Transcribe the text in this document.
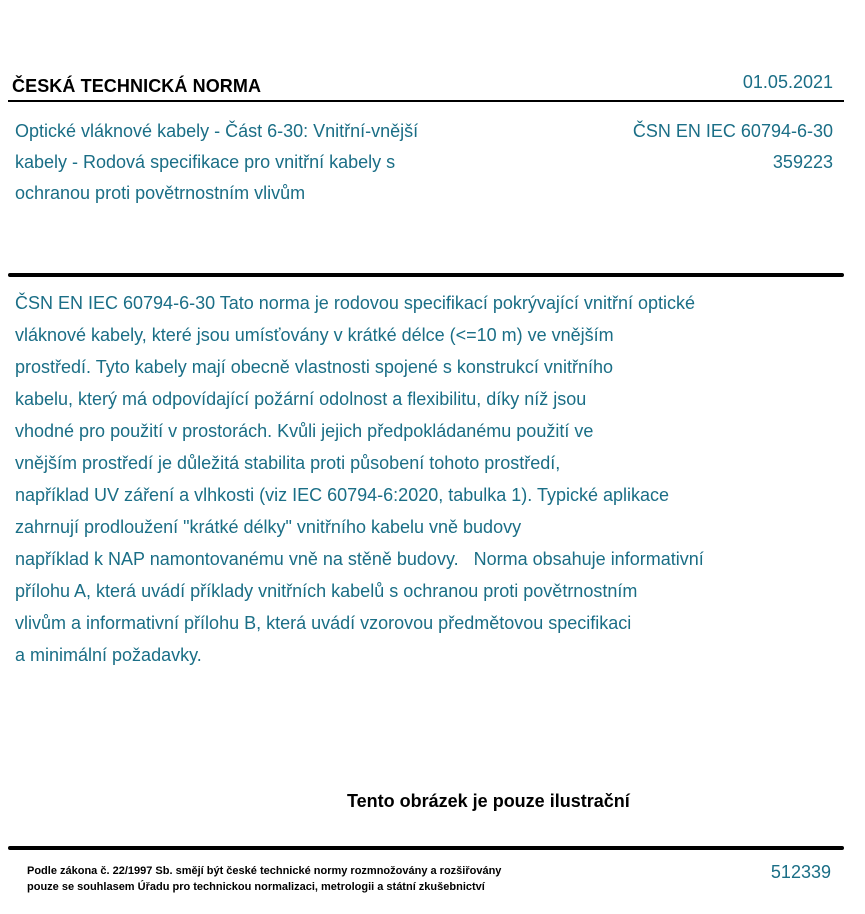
ČESKÁ TECHNICKÁ NORMA	01.05.2021
Optické vláknové kabely - Část 6-30: Vnitřní-vnější
kabely - Rodová specifikace pro vnitřní kabely s
ochranou proti povětrnostním vlivům
ČSN EN IEC 60794-6-30
359223
ČSN EN IEC 60794-6-30 Tato norma je rodovou specifikací pokrývající vnitřní optické
vláknové kabely, které jsou umísťovány v krátké délce (<=10 m) ve vnějším
prostředí. Tyto kabely mají obecně vlastnosti spojené s konstrukcí vnitřního
kabelu, který má odpovídající požární odolnost a flexibilitu, díky níž jsou
vhodné pro použití v prostorách. Kvůli jejich předpokládanému použití ve
vnějším prostředí je důležitá stabilita proti působení tohoto prostředí,
například UV záření a vlhkosti (viz IEC 60794-6:2020, tabulka 1). Typické aplikace
zahrnují prodloužení "krátké délky" vnitřního kabelu vně budovy
například k NAP namontovanému vně na stěně budovy.   Norma obsahuje informativní
přílohu A, která uvádí příklady vnitřních kabelů s ochranou proti povětrnostním
vlivům a informativní přílohu B, která uvádí vzorovou předmětovou specifikaci
a minimální požadavky.
Tento obrázek je pouze ilustrační
Podle zákona č. 22/1997 Sb. smějí být české technické normy rozmnožovány a rozšiřovány
pouze se souhlasem Úřadu pro technickou normalizaci, metrologii a státní zkušebnictví
512339
